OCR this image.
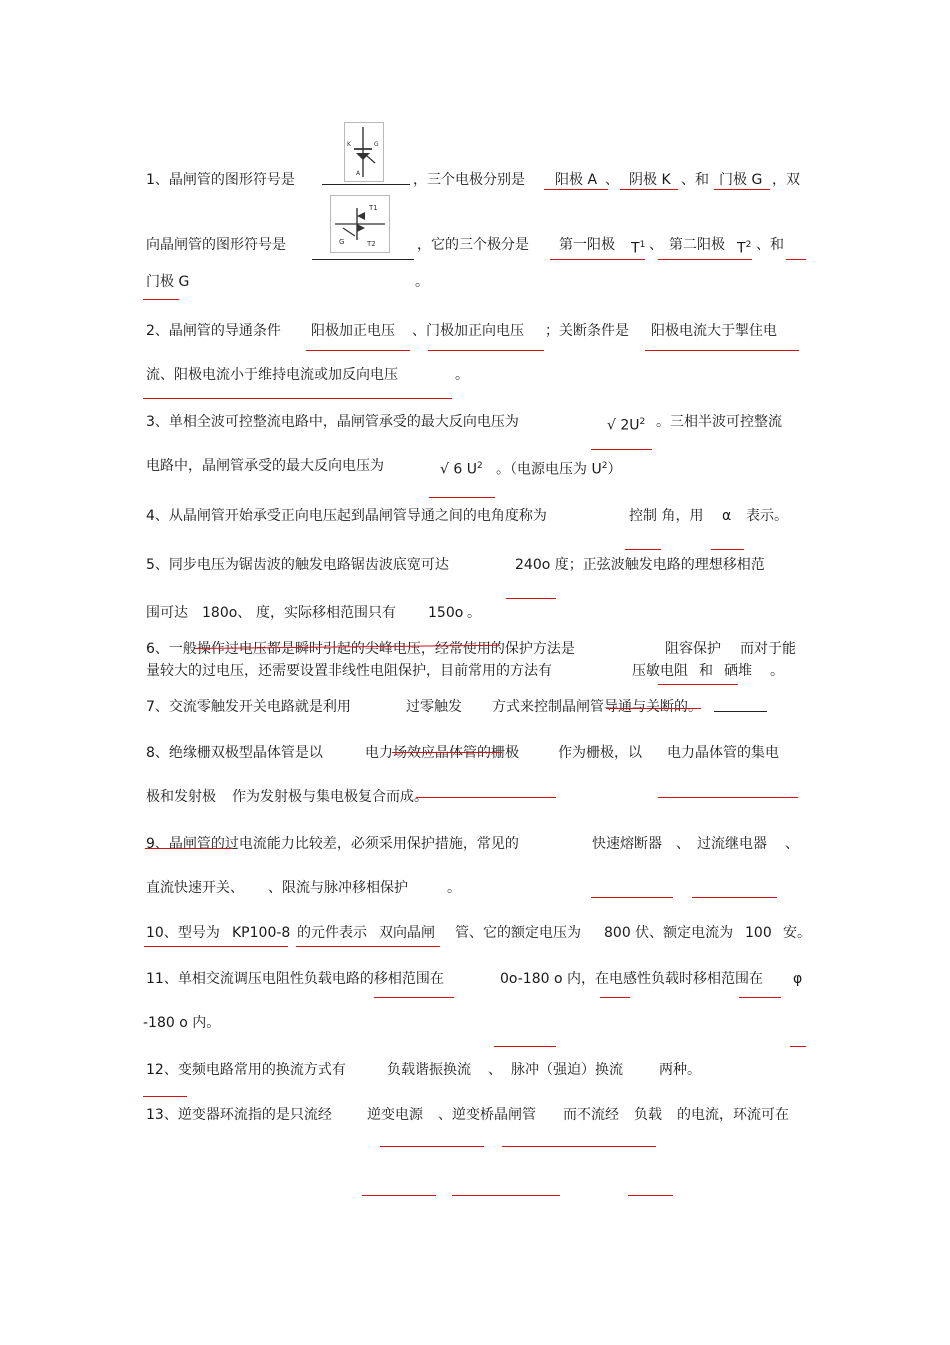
1、晶闸管的图形符号是
K	G
A	，三个电极分别是 阳极 A 、 阴极 K 、和 门极 G ，双
向晶闸管的图形符号是
T1
G	T2	，它的三个极分是 第一阳极 $T^1$ 、 第二阳极 $T^2$ 、和
门极 G	。
2、晶闸管的导通条件 阳极加正电压 、门极加正向电压 ；关断条件是 阳极电流大于掣住电
流、阳极电流小于维持电流或加反向电压	。
3、单相全波可控整流电路中，晶闸管承受的最大反向电压为	√ $2U^2$ 。三相半波可控整流
电路中，晶闸管承受的最大反向电压为	√ 6 $U^2$ 。（电源电压为 $U^2$）
4、从晶闸管开始承受正向电压起到晶闸管导通之间的电角度称为	控制 角，用 α 表示。
5、同步电压为锯齿波的触发电路锯齿波底宽可达	240o 度；正弦波触发电路的理想移相范
围可达 180o、 度，实际移相范围只有 150o 。
6、一般操作过电压都是瞬时引起的尖峰电压，经常使用的保护方法是	阻容保护 而对于能
量较大的过电压，还需要设置非线性电阻保护，目前常用的方法有	压敏电阻 和 硒堆 。
7、交流零触发开关电路就是利用	过零触发 方式来控制晶闸管导通与关断的。
8、绝缘栅双极型晶体管是以	电力场效应晶体管的栅极	作为栅极，以 电力晶体管的集电
极和发射极 作为发射极与集电极复合而成。
9、晶闸管的过电流能力比较差，必须采用保护措施，常见的	快速熔断器 、 过流继电器 、
直流快速开关、 、限流与脉冲移相保护	。
10、型号为 KP100-8 的元件表示 双向晶闸 管、它的额定电压为 800 伏、额定电流为 100 安。
11、单相交流调压电阻性负载电路的移相范围在	0o-180 o 内，在电感性负载时移相范围在 φ
-180 o 内。
12、变频电路常用的换流方式有	负载谐振换流 、 脉冲（强迫）换流	两种。
13、逆变器环流指的是只流经	逆变电源 、逆变桥晶闸管 而不流经 负载 的电流，环流可在
